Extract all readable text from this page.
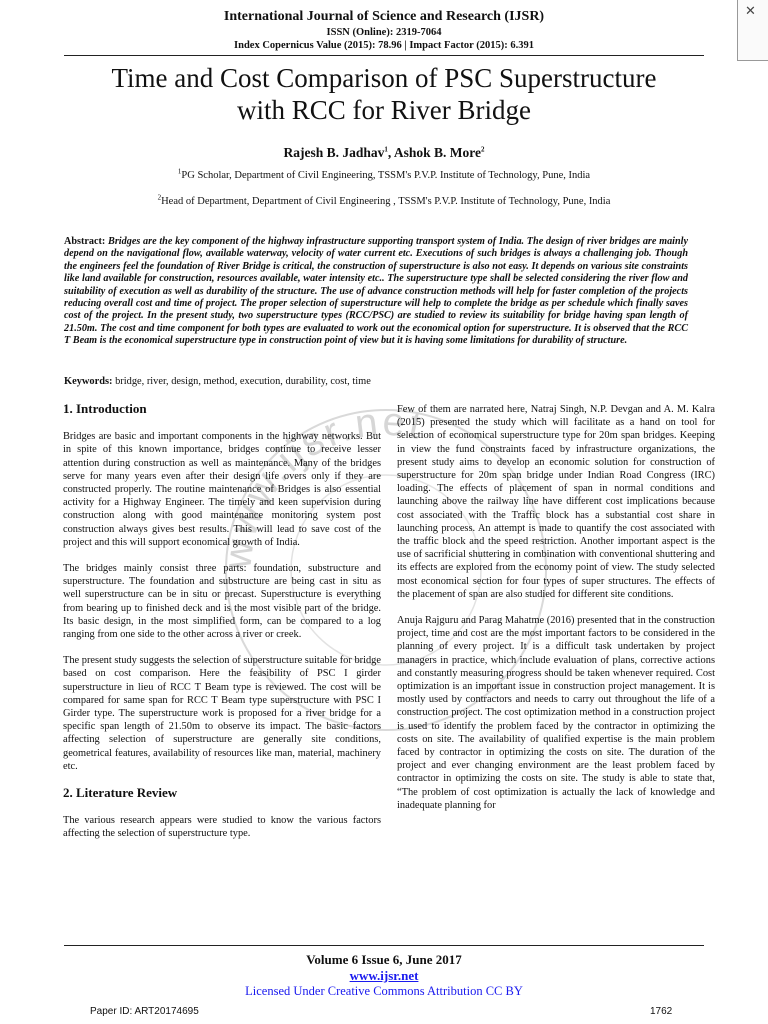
International Journal of Science and Research (IJSR)
ISSN (Online): 2319-7064
Index Copernicus Value (2015): 78.96 | Impact Factor (2015): 6.391
✕
Time and Cost Comparison of PSC Superstructure
with RCC for River Bridge
Rajesh B. Jadhav$^1$, Ashok B. More$^2$
$^1$PG Scholar, Department of Civil Engineering, TSSM's P.V.P. Institute of Technology, Pune, India
$^2$Head of Department, Department of Civil Engineering , TSSM's P.V.P. Institute of Technology, Pune, India
Abstract: Bridges are the key component of the highway infrastructure supporting transport system of India. The design of river bridges are mainly depend on the navigational flow, available waterway, velocity of water current etc. Executions of such bridges is always a challenging job. Though the engineers feel the foundation of River Bridge is critical, the construction of superstructure is also not easy. It depends on various site constraints like land available for construction, resources available, water intensity etc.. The superstructure type shall be selected considering the river flow and suitability of execution as well as durability of the structure. The use of advance construction methods will help for faster completion of the projects reducing overall cost and time of project. The proper selection of superstructure will help to complete the bridge as per schedule which finally saves cost of the project. In the present study, two superstructure types (RCC/PSC) are studied to review its suitability for bridge having span length of 21.50m. The cost and time component for both types are evaluated to work out the economical option for superstructure. It is observed that the RCC T Beam is the economical superstructure type in construction point of view but it is having some limitations for durability of structure.
Keywords: bridge, river, design, method, execution, durability, cost, time
www.ijsr.net
1. Introduction

Bridges are basic and important components in the highway networks. But in spite of this known importance, bridges continue to receive lesser attention during construction as well as maintenance. Many of the bridges serve for many years even after their design life overs only if they are constructed properly. The routine maintenance of Bridges is also essential activity for a Highway Engineer. The timely and keen supervision during construction along with good maintenance monitoring system post construction always gives best results. This will lead to save cost of the project and this will support economical growth of India.

The bridges mainly consist three parts: foundation, substructure and superstructure. The foundation and substructure are being cast in situ as well superstructure can be in situ or precast. Superstructure is everything from bearing up to finished deck and is the most visible part of the bridge. Its basic design, in the most simplified form, can be compared to a log ranging from one side to the other across a river or creek.

The present study suggests the selection of superstructure suitable for bridge based on cost comparison. Here the feasibility of PSC I girder superstructure in lieu of RCC T Beam type is reviewed. The cost will be compared for same span for RCC T Beam type superstructure with PSC I Girder type. The superstructure work is proposed for a river bridge for a specific span length of 21.50m to observe its impact. The basic factors affecting selection of superstructure are generally site conditions, geometrical features, availability of resources like man, material, machinery etc.

2. Literature Review

The various research appears were studied to know the various factors affecting the selection of superstructure type.

Few of them are narrated here, Natraj Singh, N.P. Devgan and A. M. Kalra (2015) presented the study which will facilitate as a hand on tool for selection of economical superstructure type for 20m span bridges. Keeping in view the fund constraints faced by infrastructure organizations, the present study aims to develop an economic solution for construction of superstructure for 20m span bridge under Indian Road Congress (IRC) loading. The effects of placement of span in normal conditions and launching above the railway line have different cost implications because cost associated with the Traffic block has a substantial cost share in launching process. An attempt is made to quantify the cost associated with the traffic block and the speed restriction. Another important aspect is the use of sacrificial shuttering in combination with conventional shuttering and its effects are explored from the economy point of view. The study selected most economical section for four types of super structures. The effects of the placement of span are also studied for different site conditions.

Anuja Rajguru and Parag Mahatme (2016) presented that in the construction project, time and cost are the most important factors to be considered in the planning of every project. It is a difficult task undertaken by project managers in practice, which include evaluation of plans, corrective actions and constantly measuring progress should be taken whenever required. Cost optimization is an important issue in construction project management. It is mostly used by contractors and needs to carry out throughout the life of a construction project. The cost optimization method in a construction project is used to identify the problem faced by the contractor in optimizing the costs on site. The availability of qualified expertise is the main problem faced by contractor in optimizing the costs on site. The duration of the project and ever changing environment are the least problem faced by contractor in optimizing the costs on site. The study is able to state that, “The problem of cost optimization is actually the lack of knowledge and inadequate planning for

Volume 6 Issue 6, June 2017
www.ijsr.net
Licensed Under Creative Commons Attribution CC BY
Paper ID: ART20174695	1762
